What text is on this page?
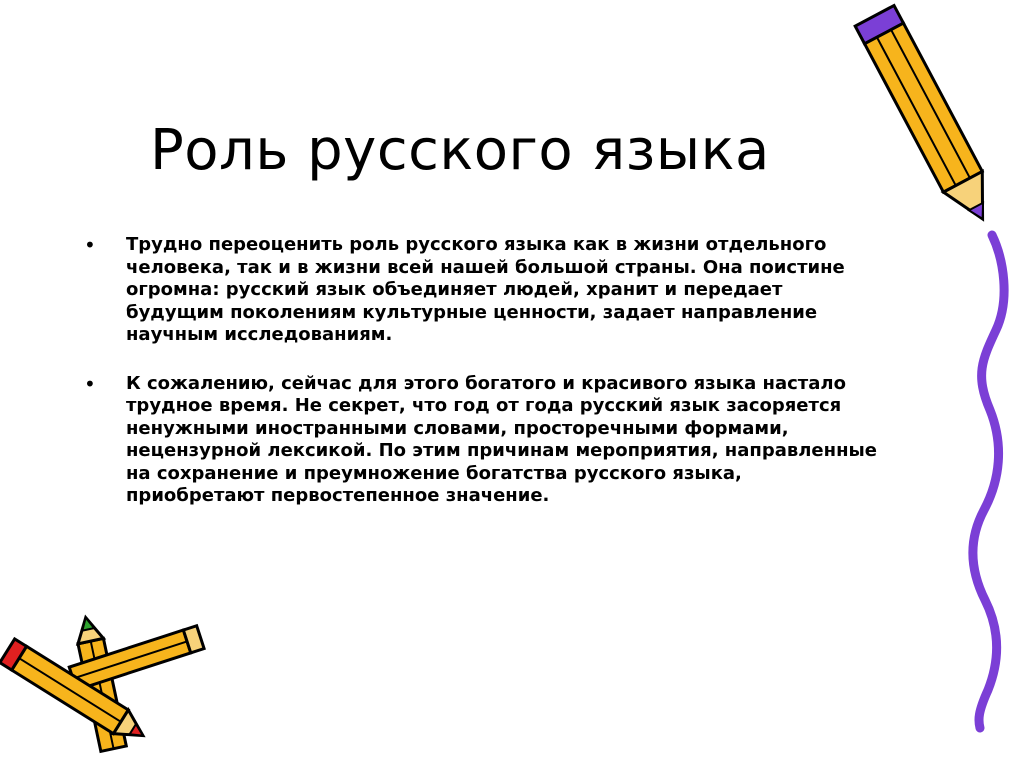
Роль русского языка
• Трудно переоценить роль русского языка как в жизни отдельного человека, так и в жизни всей нашей большой страны. Она поистине огромна: русский язык объединяет людей, хранит и передает будущим поколениям культурные ценности, задает направление научным исследованиям.
• К сожалению, сейчас для этого богатого и красивого языка настало трудное время. Не секрет, что год от года русский язык засоряется ненужными иностранными словами, просторечными формами, нецензурной лексикой. По этим причинам мероприятия, направленные на сохранение и преумножение богатства русского языка, приобретают первостепенное значение.
